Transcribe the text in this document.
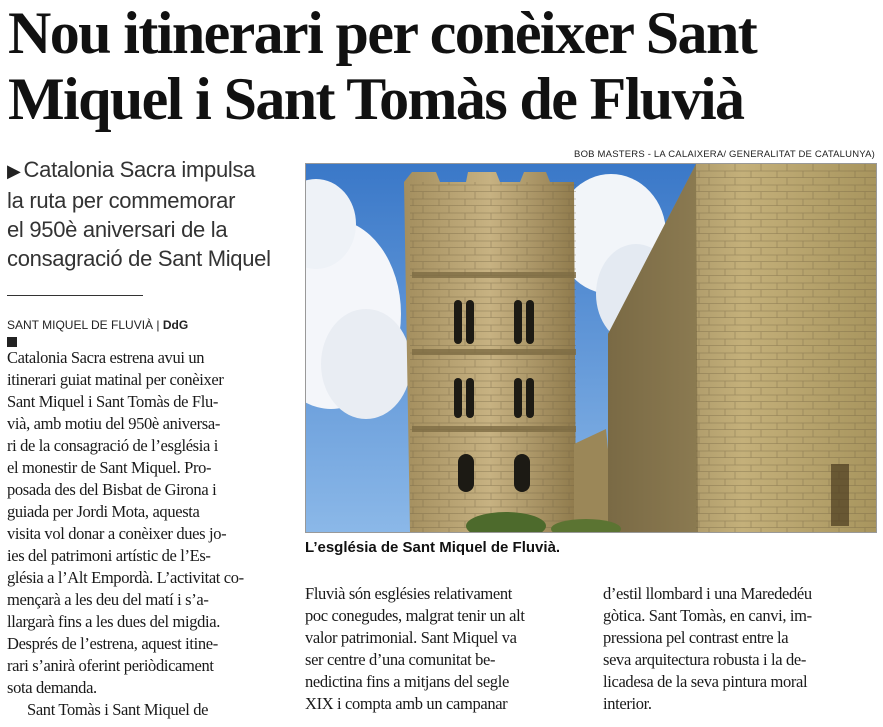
Nou itinerari per conèixer Sant
Miquel i Sant Tomàs de Fluvià
▶ Catalonia Sacra impulsa
la ruta per commemorar
el 950è aniversari de la
consagració de Sant Miquel
SANT MIQUEL DE FLUVIÀ | DdG
Catalonia Sacra estrena avui un
itinerari guiat matinal per conèixer
Sant Miquel i Sant Tomàs de Flu-
vià, amb motiu del 950è aniversa-
ri de la consagració de l’església i
el monestir de Sant Miquel. Pro-
posada des del Bisbat de Girona i
guiada per Jordi Mota, aquesta
visita vol donar a conèixer dues jo-
ies del patrimoni artístic de l’Es-
glésia a l’Alt Empordà. L’activitat co-
mençarà a les deu del matí i s’a-
llargarà fins a les dues del migdia.
Després de l’estrena, aquest itine-
rari s’anirà oferint periòdicament
sota demanda.
Sant Tomàs i Sant Miquel de
BOB MASTERS - LA CALAIXERA/ GENERALITAT DE CATALUNYA)
L’església de Sant Miquel de Fluvià.
Fluvià són esglésies relativament
poc conegudes, malgrat tenir un alt
valor patrimonial. Sant Miquel va
ser centre d’una comunitat be-
nedictina fins a mitjans del segle
XIX i compta amb un campanar
d’estil llombard i una Marededéu
gòtica. Sant Tomàs, en canvi, im-
pressiona pel contrast entre la
seva arquitectura robusta i la de-
licadesa de la seva pintura moral
interior.
